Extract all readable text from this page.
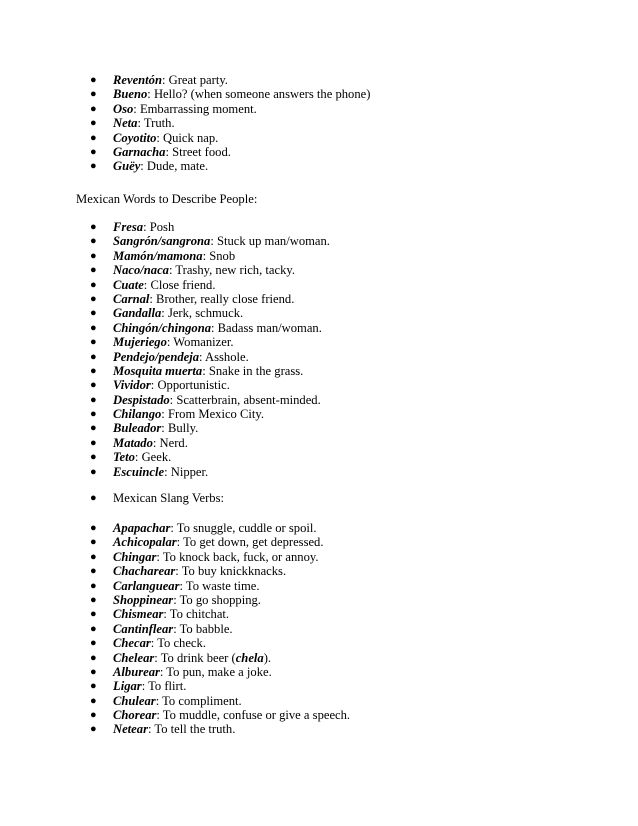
● Reventón: Great party.
● Bueno: Hello? (when someone answers the phone)
● Oso: Embarrassing moment.
● Neta: Truth.
● Coyotito: Quick nap.
● Garnacha: Street food.
● Guëy: Dude, mate.
Mexican Words to Describe People:
● Fresa: Posh
● Sangrón/sangrona: Stuck up man/woman.
● Mamón/mamona: Snob
● Naco/naca: Trashy, new rich, tacky.
● Cuate: Close friend.
● Carnal: Brother, really close friend.
● Gandalla: Jerk, schmuck.
● Chingón/chingona: Badass man/woman.
● Mujeriego: Womanizer.
● Pendejo/pendeja: Asshole.
● Mosquita muerta: Snake in the grass.
● Vividor: Opportunistic.
● Despistado: Scatterbrain, absent-minded.
● Chilango: From Mexico City.
● Buleador: Bully.
● Matado: Nerd.
● Teto: Geek.
● Escuincle: Nipper.
● Mexican Slang Verbs:
● Apapachar: To snuggle, cuddle or spoil.
● Achicopalar: To get down, get depressed.
● Chingar: To knock back, fuck, or annoy.
● Chacharear: To buy knickknacks.
● Carlanguear: To waste time.
● Shoppinear: To go shopping.
● Chismear: To chitchat.
● Cantinflear: To babble.
● Checar: To check.
● Chelear: To drink beer (chela).
● Alburear: To pun, make a joke.
● Ligar: To flirt.
● Chulear: To compliment.
● Chorear: To muddle, confuse or give a speech.
● Netear: To tell the truth.
